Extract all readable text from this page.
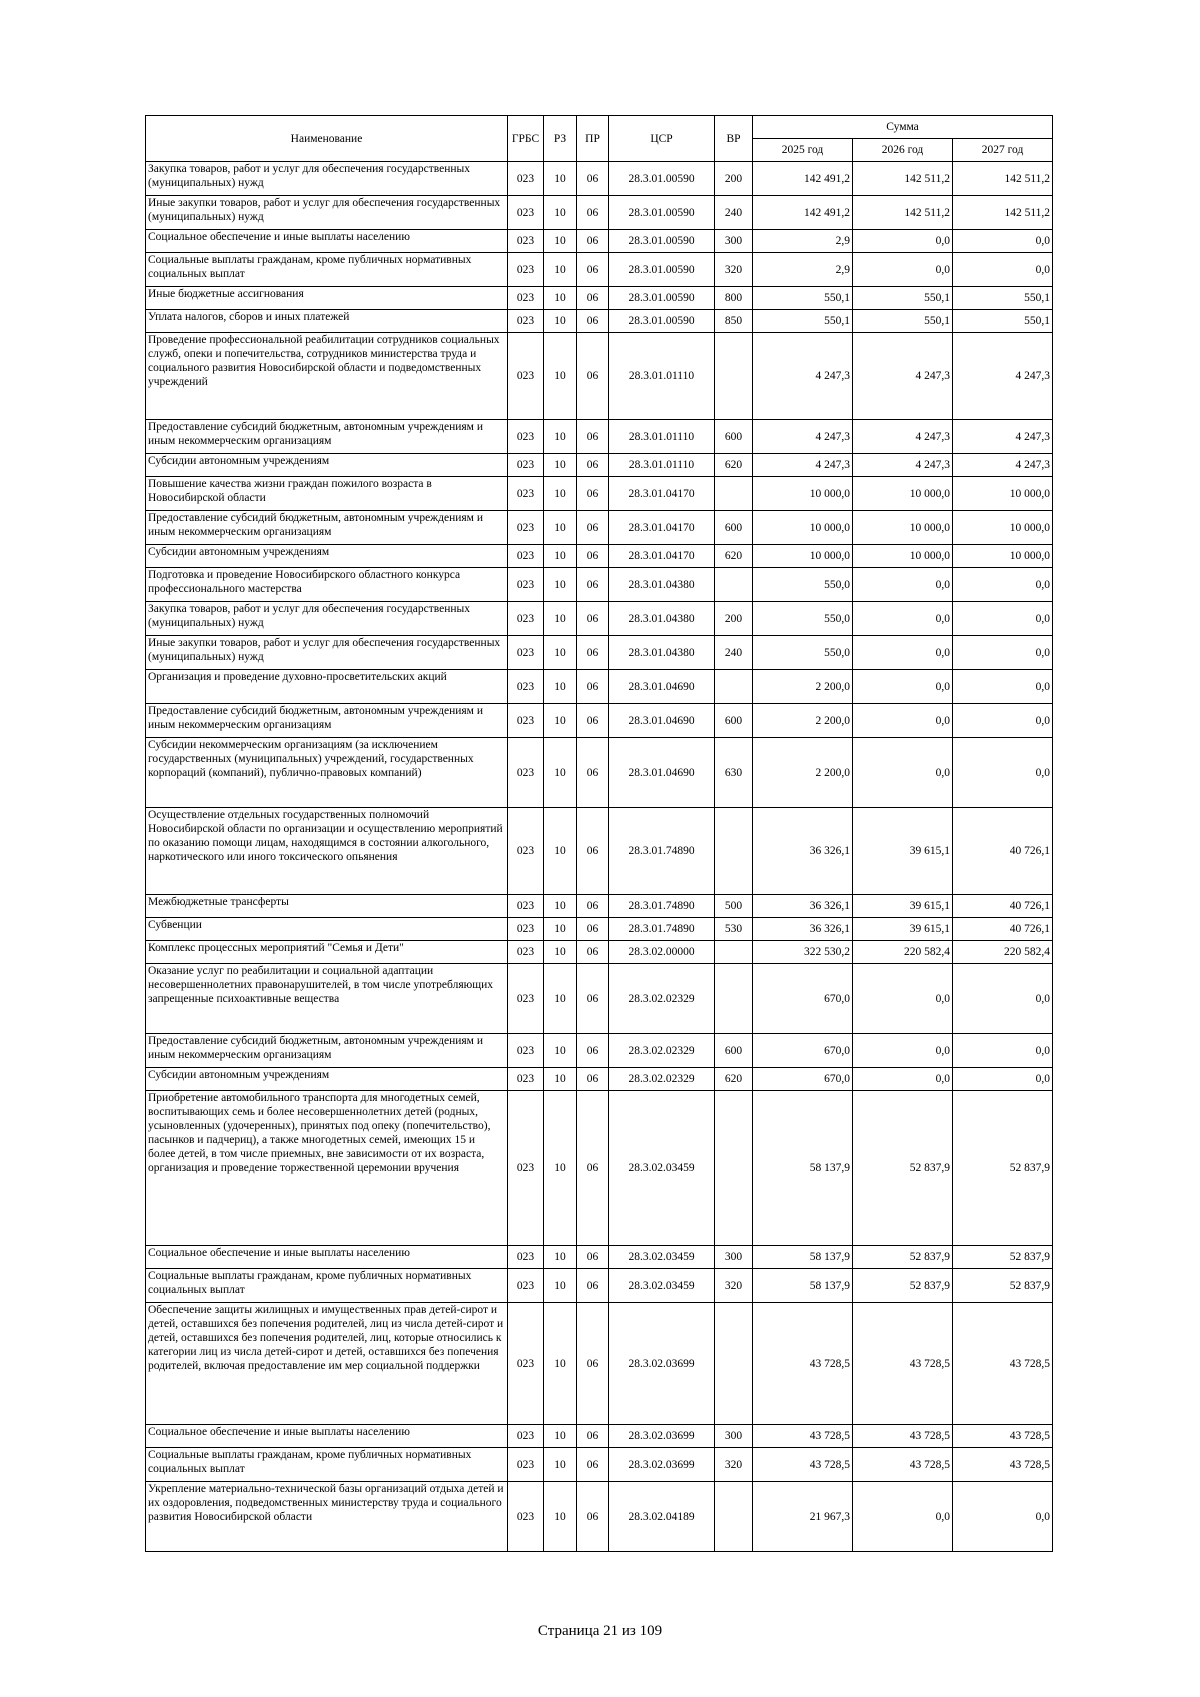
Наименование	ГРБС	РЗ	ПР	ЦСР	ВР	Сумма		
						2025 год	2026 год	2027 год
Закупка товаров, работ и услуг для обеспечения государственных (муниципальных) нужд	023	10	06	28.3.01.00590	200	142 491,2	142 511,2	142 511,2
Иные закупки товаров, работ и услуг для обеспечения государственных (муниципальных) нужд	023	10	06	28.3.01.00590	240	142 491,2	142 511,2	142 511,2
Социальное обеспечение и иные выплаты населению	023	10	06	28.3.01.00590	300	2,9	0,0	0,0
Социальные выплаты гражданам, кроме публичных нормативных социальных выплат	023	10	06	28.3.01.00590	320	2,9	0,0	0,0
Иные бюджетные ассигнования	023	10	06	28.3.01.00590	800	550,1	550,1	550,1
Уплата налогов, сборов и иных платежей	023	10	06	28.3.01.00590	850	550,1	550,1	550,1
Проведение профессиональной реабилитации сотрудников социальных служб, опеки и попечительства, сотрудников министерства труда и социального развития Новосибирской области и подведомственных учреждений	023	10	06	28.3.01.01110		4 247,3	4 247,3	4 247,3
Предоставление субсидий бюджетным, автономным учреждениям и иным некоммерческим организациям	023	10	06	28.3.01.01110	600	4 247,3	4 247,3	4 247,3
Субсидии автономным учреждениям	023	10	06	28.3.01.01110	620	4 247,3	4 247,3	4 247,3
Повышение качества жизни граждан пожилого возраста в Новосибирской области	023	10	06	28.3.01.04170		10 000,0	10 000,0	10 000,0
Предоставление субсидий бюджетным, автономным учреждениям и иным некоммерческим организациям	023	10	06	28.3.01.04170	600	10 000,0	10 000,0	10 000,0
Субсидии автономным учреждениям	023	10	06	28.3.01.04170	620	10 000,0	10 000,0	10 000,0
Подготовка и проведение Новосибирского областного конкурса профессионального мастерства	023	10	06	28.3.01.04380		550,0	0,0	0,0
Закупка товаров, работ и услуг для обеспечения государственных (муниципальных) нужд	023	10	06	28.3.01.04380	200	550,0	0,0	0,0
Иные закупки товаров, работ и услуг для обеспечения государственных (муниципальных) нужд	023	10	06	28.3.01.04380	240	550,0	0,0	0,0
Организация и проведение духовно-просветительских акций	023	10	06	28.3.01.04690		2 200,0	0,0	0,0
Предоставление субсидий бюджетным, автономным учреждениям и иным некоммерческим организациям	023	10	06	28.3.01.04690	600	2 200,0	0,0	0,0
Субсидии некоммерческим организациям (за исключением государственных (муниципальных) учреждений, государственных корпораций (компаний), публично-правовых компаний)	023	10	06	28.3.01.04690	630	2 200,0	0,0	0,0
Осуществление отдельных государственных полномочий Новосибирской области по организации и осуществлению мероприятий по оказанию помощи лицам, находящимся в состоянии алкогольного, наркотического или иного токсического опьянения	023	10	06	28.3.01.74890		36 326,1	39 615,1	40 726,1
Межбюджетные трансферты	023	10	06	28.3.01.74890	500	36 326,1	39 615,1	40 726,1
Субвенции	023	10	06	28.3.01.74890	530	36 326,1	39 615,1	40 726,1
Комплекс процессных мероприятий "Семья и Дети"	023	10	06	28.3.02.00000		322 530,2	220 582,4	220 582,4
Оказание услуг по реабилитации и социальной адаптации несовершеннолетних правонарушителей, в том числе употребляющих запрещенные психоактивные вещества	023	10	06	28.3.02.02329		670,0	0,0	0,0
Предоставление субсидий бюджетным, автономным учреждениям и иным некоммерческим организациям	023	10	06	28.3.02.02329	600	670,0	0,0	0,0
Субсидии автономным учреждениям	023	10	06	28.3.02.02329	620	670,0	0,0	0,0
Приобретение автомобильного транспорта для многодетных семей, воспитывающих семь и более несовершеннолетних детей (родных, усыновленных (удочеренных), принятых под опеку (попечительство), пасынков и падчериц), а также многодетных семей, имеющих 15 и более детей, в том числе приемных, вне зависимости от их возраста, организация и проведение торжественной церемонии вручения	023	10	06	28.3.02.03459		58 137,9	52 837,9	52 837,9
Социальное обеспечение и иные выплаты населению	023	10	06	28.3.02.03459	300	58 137,9	52 837,9	52 837,9
Социальные выплаты гражданам, кроме публичных нормативных социальных выплат	023	10	06	28.3.02.03459	320	58 137,9	52 837,9	52 837,9
Обеспечение защиты жилищных и имущественных прав детей-сирот и детей, оставшихся без попечения родителей, лиц из числа детей-сирот и детей, оставшихся без попечения родителей, лиц, которые относились к категории лиц из числа детей-сирот и детей, оставшихся без попечения родителей, включая предоставление им мер социальной поддержки	023	10	06	28.3.02.03699		43 728,5	43 728,5	43 728,5
Социальное обеспечение и иные выплаты населению	023	10	06	28.3.02.03699	300	43 728,5	43 728,5	43 728,5
Социальные выплаты гражданам, кроме публичных нормативных социальных выплат	023	10	06	28.3.02.03699	320	43 728,5	43 728,5	43 728,5
Укрепление материально-технической базы организаций отдыха детей и их оздоровления, подведомственных министерству труда и социального развития Новосибирской области	023	10	06	28.3.02.04189		21 967,3	0,0	0,0
Страница 21 из 109
